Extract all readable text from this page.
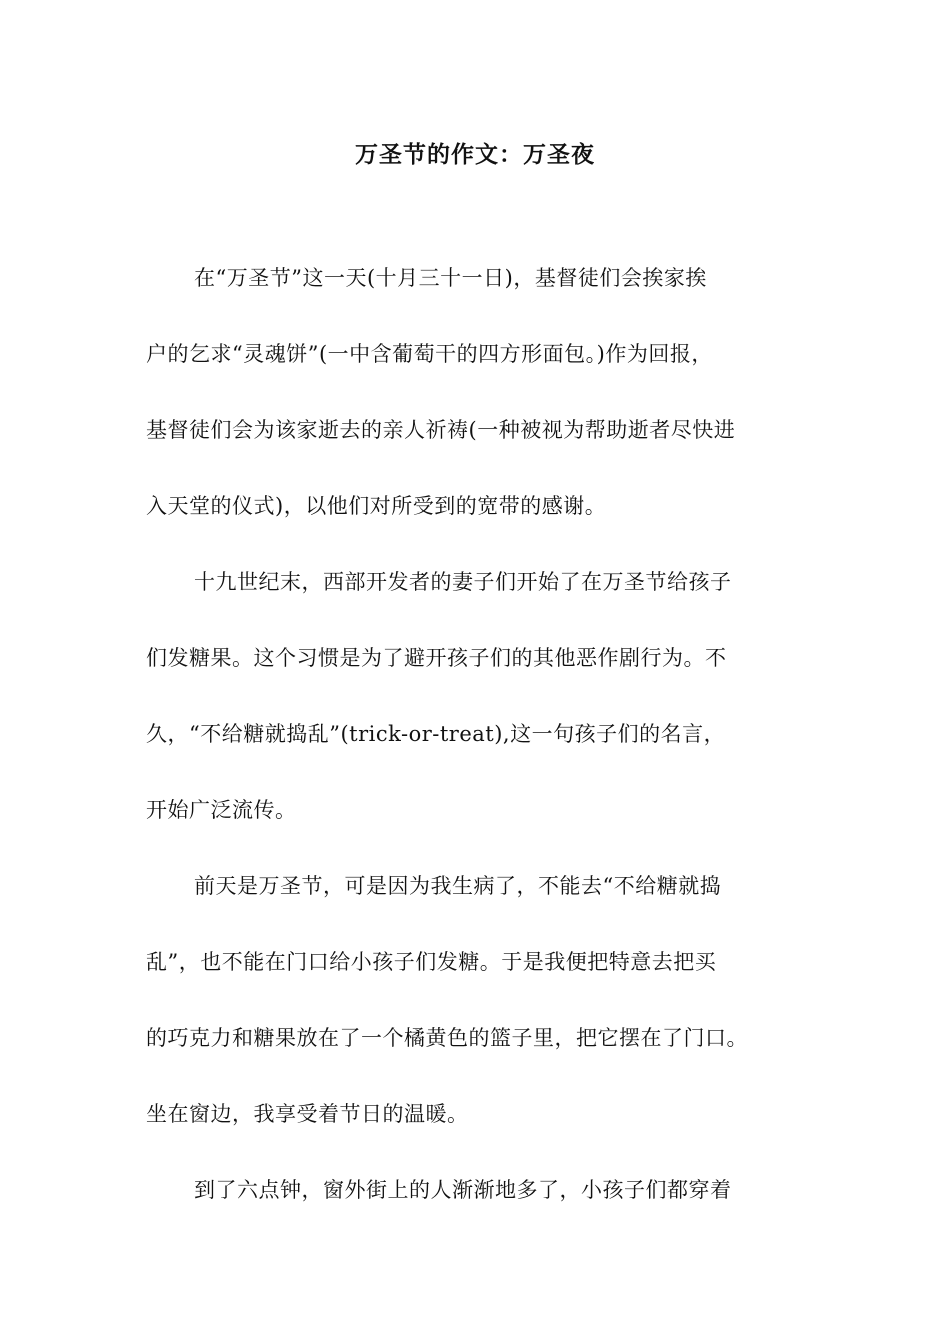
万圣节的作文：万圣夜
在“万圣节”这一天(十月三十一日)，基督徒们会挨家挨
户的乞求“灵魂饼”(一中含葡萄干的四方形面包。)作为回报，
基督徒们会为该家逝去的亲人祈祷(一种被视为帮助逝者尽快进
入天堂的仪式)，以他们对所受到的宽带的感谢。
十九世纪末，西部开发者的妻子们开始了在万圣节给孩子
们发糖果。这个习惯是为了避开孩子们的其他恶作剧行为。不
久，“不给糖就捣乱”(trick-or-treat),这一句孩子们的名言，
开始广泛流传。
前天是万圣节，可是因为我生病了，不能去“不给糖就捣
乱”，也不能在门口给小孩子们发糖。于是我便把特意去把买
的巧克力和糖果放在了一个橘黄色的篮子里，把它摆在了门口。
坐在窗边，我享受着节日的温暖。
到了六点钟，窗外街上的人渐渐地多了，小孩子们都穿着
